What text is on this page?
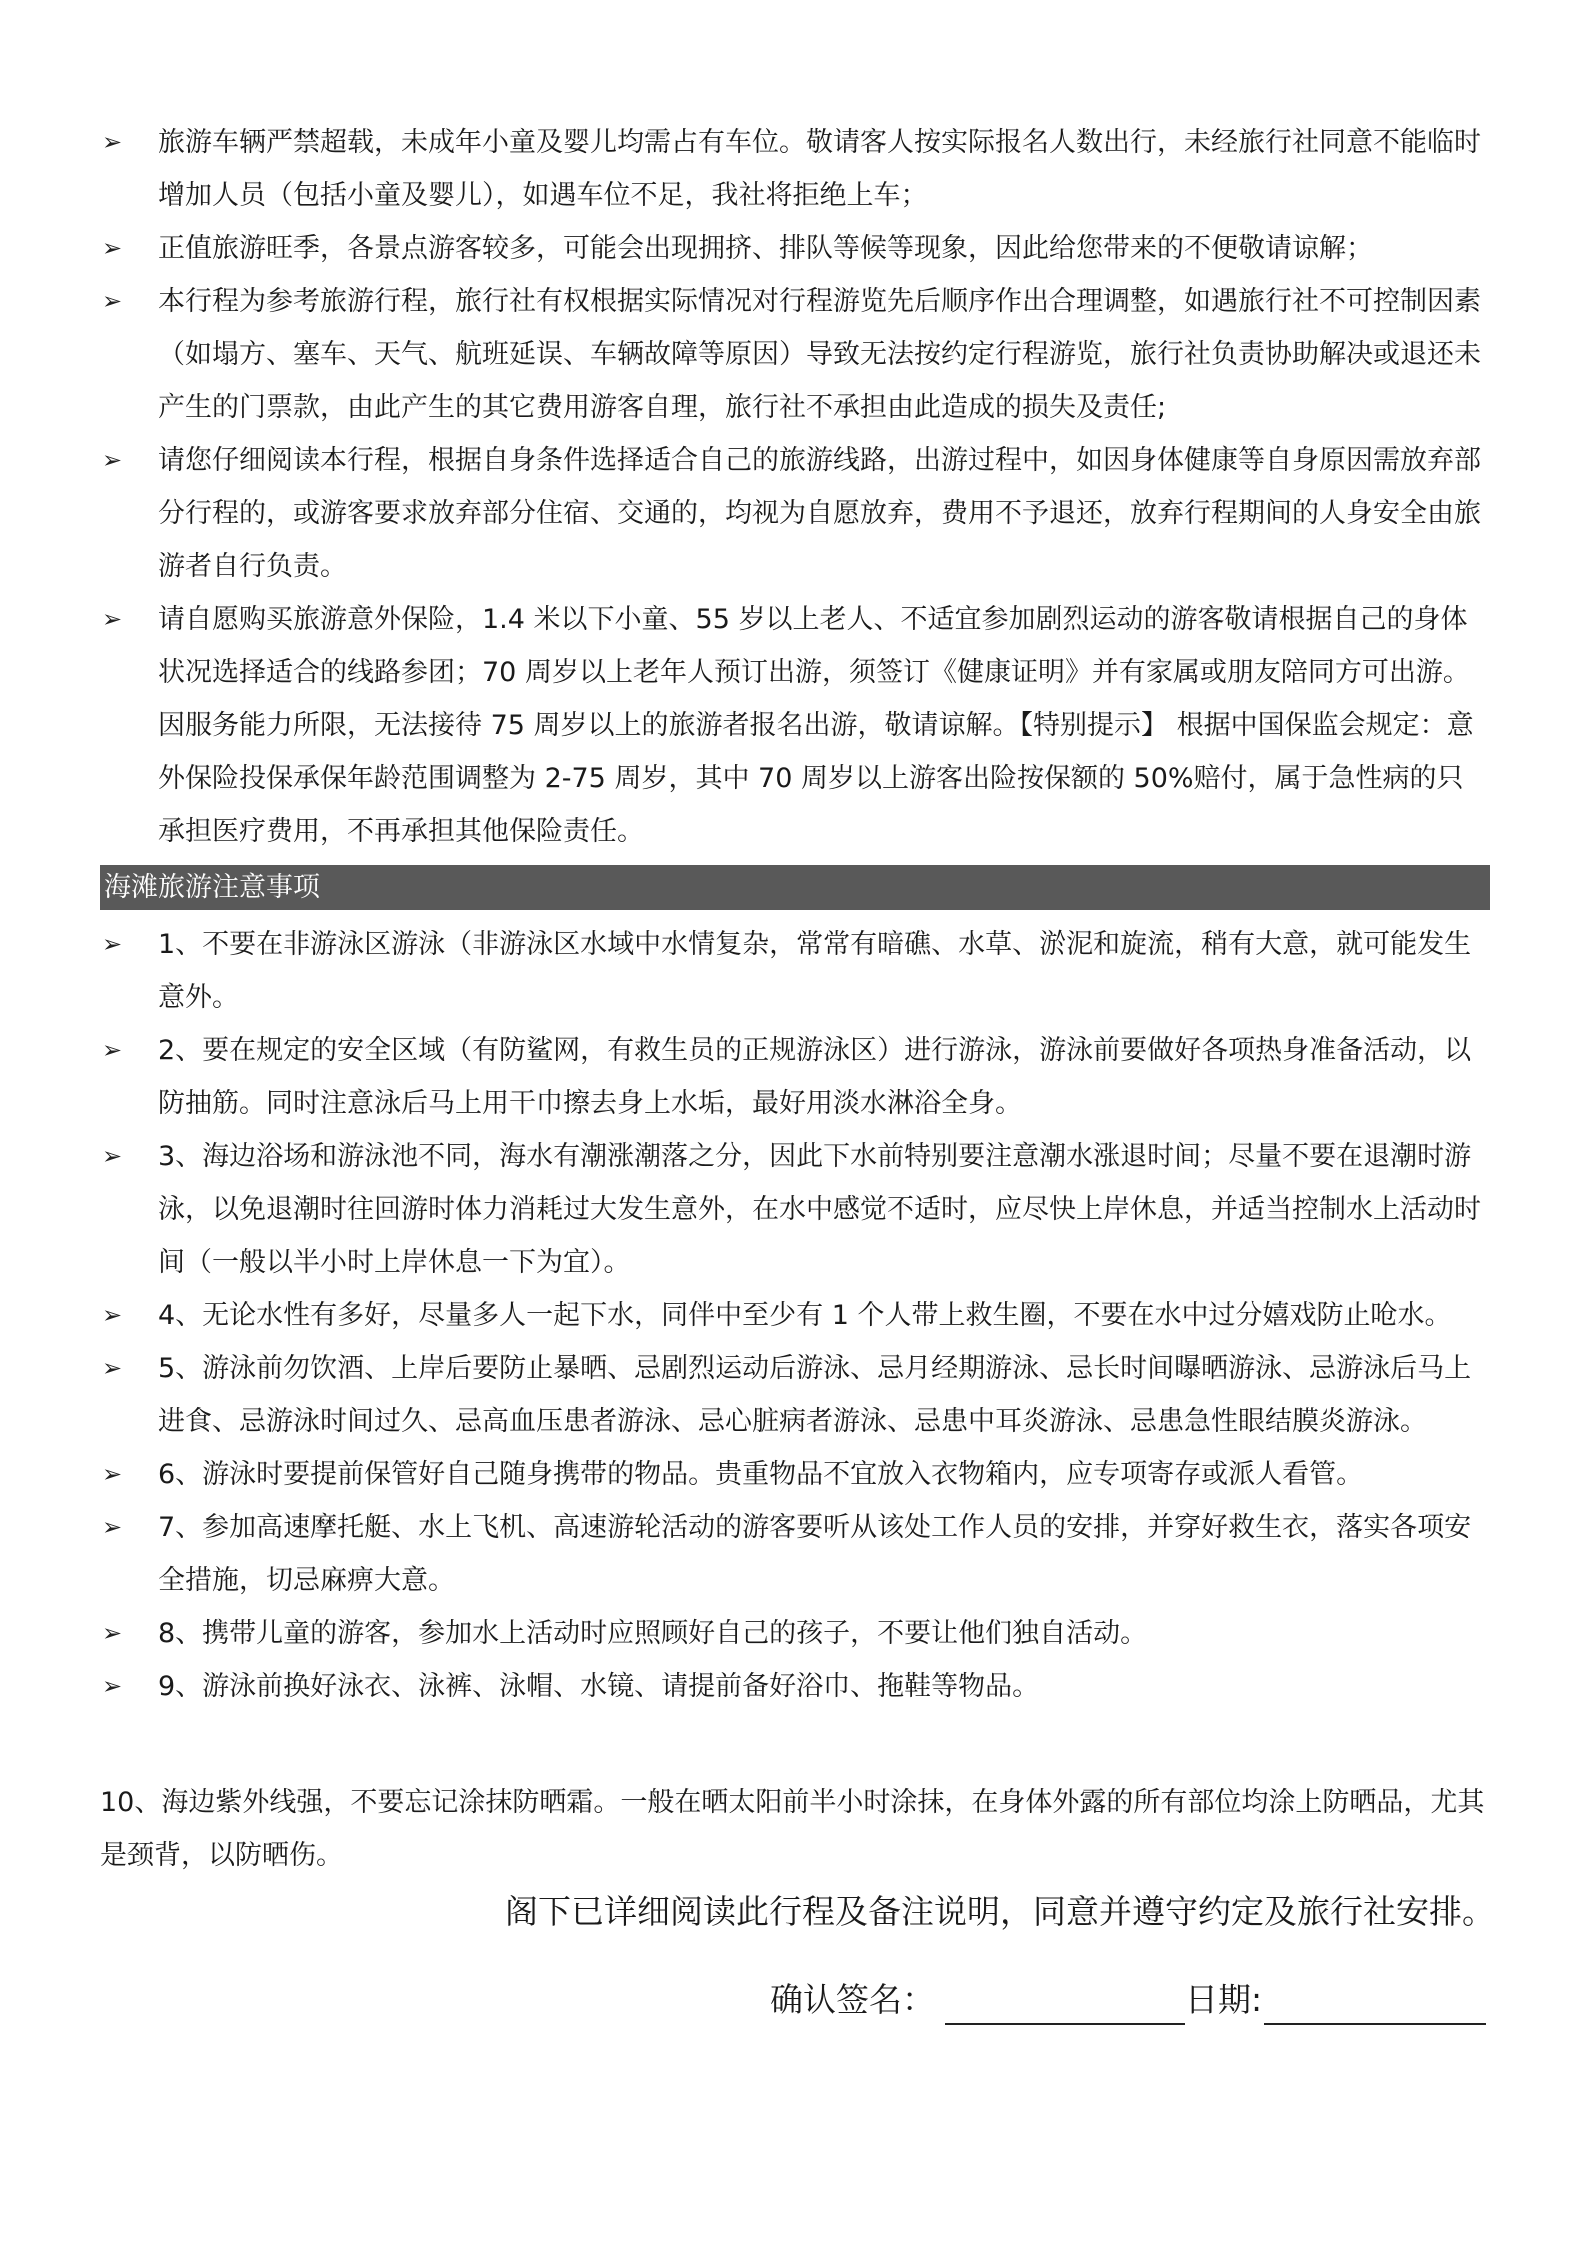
➢ 旅游车辆严禁超载，未成年小童及婴儿均需占有车位。敬请客人按实际报名人数出行，未经旅行社同意不能临时增加人员（包括小童及婴儿），如遇车位不足，我社将拒绝上车；
➢ 正值旅游旺季，各景点游客较多，可能会出现拥挤、排队等候等现象，因此给您带来的不便敬请谅解；
➢ 本行程为参考旅游行程，旅行社有权根据实际情况对行程游览先后顺序作出合理调整，如遇旅行社不可控制因素（如塌方、塞车、天气、航班延误、车辆故障等原因）导致无法按约定行程游览，旅行社负责协助解决或退还未产生的门票款，由此产生的其它费用游客自理，旅行社不承担由此造成的损失及责任;
➢ 请您仔细阅读本行程，根据自身条件选择适合自己的旅游线路，出游过程中，如因身体健康等自身原因需放弃部分行程的，或游客要求放弃部分住宿、交通的，均视为自愿放弃，费用不予退还，放弃行程期间的人身安全由旅游者自行负责。
➢ 请自愿购买旅游意外保险，1.4 米以下小童、55 岁以上老人、不适宜参加剧烈运动的游客敬请根据自己的身体状况选择适合的线路参团；70 周岁以上老年人预订出游，须签订《健康证明》并有家属或朋友陪同方可出游。因服务能力所限，无法接待 75 周岁以上的旅游者报名出游，敬请谅解。【特别提示】 根据中国保监会规定：意外保险投保承保年龄范围调整为 2-75 周岁，其中 70 周岁以上游客出险按保额的 50%赔付，属于急性病的只承担医疗费用，不再承担其他保险责任。
海滩旅游注意事项
➢ 1、不要在非游泳区游泳（非游泳区水域中水情复杂，常常有暗礁、水草、淤泥和旋流，稍有大意，就可能发生意外。
➢ 2、要在规定的安全区域（有防鲨网，有救生员的正规游泳区）进行游泳，游泳前要做好各项热身准备活动，以防抽筋。同时注意泳后马上用干巾擦去身上水垢，最好用淡水淋浴全身。
➢ 3、海边浴场和游泳池不同，海水有潮涨潮落之分，因此下水前特别要注意潮水涨退时间；尽量不要在退潮时游泳，以免退潮时往回游时体力消耗过大发生意外，在水中感觉不适时，应尽快上岸休息，并适当控制水上活动时间（一般以半小时上岸休息一下为宜）。
➢ 4、无论水性有多好，尽量多人一起下水，同伴中至少有 1 个人带上救生圈，不要在水中过分嬉戏防止呛水。
➢ 5、游泳前勿饮酒、上岸后要防止暴晒、忌剧烈运动后游泳、忌月经期游泳、忌长时间曝晒游泳、忌游泳后马上进食、忌游泳时间过久、忌高血压患者游泳、忌心脏病者游泳、忌患中耳炎游泳、忌患急性眼结膜炎游泳。
➢ 6、游泳时要提前保管好自己随身携带的物品。贵重物品不宜放入衣物箱内，应专项寄存或派人看管。
➢ 7、参加高速摩托艇、水上飞机、高速游轮活动的游客要听从该处工作人员的安排，并穿好救生衣，落实各项安全措施，切忌麻痹大意。
➢ 8、携带儿童的游客，参加水上活动时应照顾好自己的孩子，不要让他们独自活动。
➢ 9、游泳前换好泳衣、泳裤、泳帽、水镜、请提前备好浴巾、拖鞋等物品。

10、海边紫外线强，不要忘记涂抹防晒霜。一般在晒太阳前半小时涂抹，在身体外露的所有部位均涂上防晒品，尤其是颈背，以防晒伤。

阁下已详细阅读此行程及备注说明，同意并遵守约定及旅行社安排。

确认签名：	日期:
